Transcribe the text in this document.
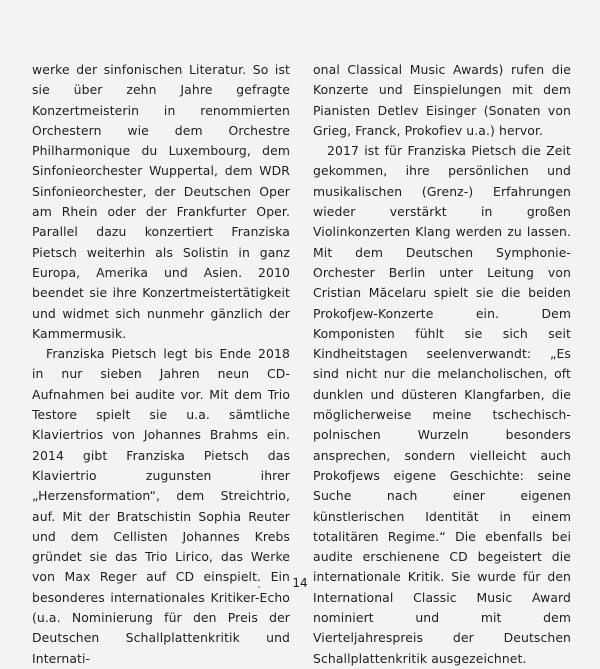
werke der sinfonischen Literatur. So ist sie über zehn Jahre gefragte Konzertmeisterin in renommierten Orchestern wie dem Orchestre Philharmonique du Luxembourg, dem Sinfonieorchester Wuppertal, dem WDR Sinfonieorchester, der Deutschen Oper am Rhein oder der Frankfurter Oper. Parallel dazu konzertiert Franziska Pietsch weiterhin als Solistin in ganz Europa, Amerika und Asien. 2010 beendet sie ihre Konzertmeistertätigkeit und widmet sich nunmehr gänzlich der Kammermusik.

Franziska Pietsch legt bis Ende 2018 in nur sieben Jahren neun CD-Aufnahmen bei audite vor. Mit dem Trio Testore spielt sie u.a. sämtliche Klaviertrios von Johannes Brahms ein. 2014 gibt Franziska Pietsch das Klaviertrio zugunsten ihrer „Herzensformation“, dem Streichtrio, auf. Mit der Bratschistin Sophia Reuter und dem Cellisten Johannes Krebs gründet sie das Trio Lirico, das Werke von Max Reger auf CD einspielt. Ein besonderes internationales Kritiker-Echo (u.a. Nominierung für den Preis der Deutschen Schallplattenkritik und Internati-

onal Classical Music Awards) rufen die Konzerte und Einspielungen mit dem Pianisten Detlev Eisinger (Sonaten von Grieg, Franck, Prokofiev u.a.) hervor.

2017 ist für Franziska Pietsch die Zeit gekommen, ihre persönlichen und musikalischen (Grenz-) Erfahrungen wieder verstärkt in großen Violinkonzerten Klang werden zu lassen. Mit dem Deutschen Symphonie-Orchester Berlin unter Leitung von Cristian Măcelaru spielt sie die beiden Prokofjew-Konzerte ein. Dem Komponisten fühlt sie sich seit Kindheitstagen seelenverwandt: „Es sind nicht nur die melancholischen, oft dunklen und düsteren Klangfarben, die möglicherweise meine tschechisch-polnischen Wurzeln besonders ansprechen, sondern vielleicht auch Prokofjews eigene Geschichte: seine Suche nach einer eigenen künstlerischen Identität in einem totalitären Regime.“ Die ebenfalls bei audite erschienene CD begeistert die internationale Kritik. Sie wurde für den International Classic Music Award nominiert und mit dem Vierteljahrespreis der Deutschen Schallplattenkritik ausgezeichnet.

14
